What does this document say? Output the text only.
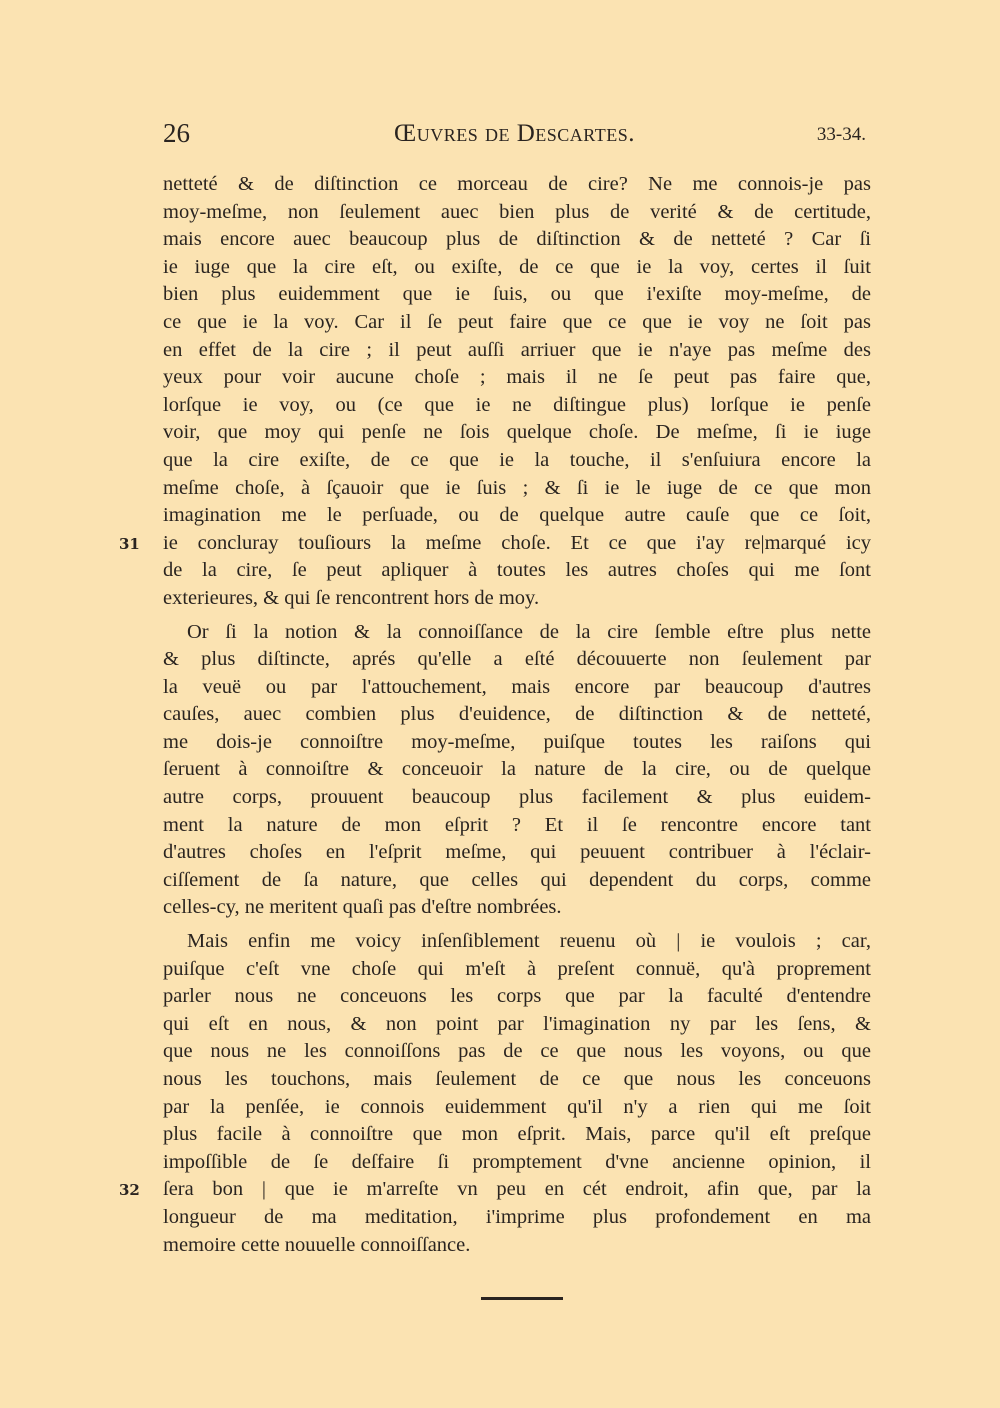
26	Œuvres de Descartes.	33-34.
netteté & de diſtinction ce morceau de cire? Ne me connois-je pas
moy-meſme, non ſeulement auec bien plus de verité & de certitude,
mais encore auec beaucoup plus de diſtinction & de netteté ? Car ſi
ie iuge que la cire eſt, ou exiſte, de ce que ie la voy, certes il ſuit
bien plus euidemment que ie ſuis, ou que i'exiſte moy-meſme, de
ce que ie la voy. Car il ſe peut faire que ce que ie voy ne ſoit pas
en effet de la cire ; il peut auſſi arriuer que ie n'aye pas meſme des
yeux pour voir aucune choſe ; mais il ne ſe peut pas faire que,
lorſque ie voy, ou (ce que ie ne diſtingue plus) lorſque ie penſe
voir, que moy qui penſe ne ſois quelque choſe. De meſme, ſi ie iuge
que la cire exiſte, de ce que ie la touche, il s'enſuiura encore la
meſme choſe, à ſçauoir que ie ſuis ; & ſi ie le iuge de ce que mon
imagination me le perſuade, ou de quelque autre cauſe que ce ſoit,
31 ie concluray touſiours la meſme choſe. Et ce que i'ay re|marqué icy
de la cire, ſe peut apliquer à toutes les autres choſes qui me ſont
exterieures, & qui ſe rencontrent hors de moy.
Or ſi la notion & la connoiſſance de la cire ſemble eſtre plus nette
& plus diſtincte, aprés qu'elle a eſté découuerte non ſeulement par
la veuë ou par l'attouchement, mais encore par beaucoup d'autres
cauſes, auec combien plus d'euidence, de diſtinction & de netteté,
me dois-je connoiſtre moy-meſme, puiſque toutes les raiſons qui
ſeruent à connoiſtre & conceuoir la nature de la cire, ou de quelque
autre corps, prouuent beaucoup plus facilement & plus euidem-
ment la nature de mon eſprit ? Et il ſe rencontre encore tant
d'autres choſes en l'eſprit meſme, qui peuuent contribuer à l'éclair-
ciſſement de ſa nature, que celles qui dependent du corps, comme
celles-cy, ne meritent quaſi pas d'eſtre nombrées.
Mais enfin me voicy inſenſiblement reuenu où | ie voulois ; car,
puiſque c'eſt vne choſe qui m'eſt à preſent connuë, qu'à proprement
parler nous ne conceuons les corps que par la faculté d'entendre
qui eſt en nous, & non point par l'imagination ny par les ſens, &
que nous ne les connoiſſons pas de ce que nous les voyons, ou que
nous les touchons, mais ſeulement de ce que nous les conceuons
par la penſée, ie connois euidemment qu'il n'y a rien qui me ſoit
plus facile à connoiſtre que mon eſprit. Mais, parce qu'il eſt preſque
impoſſible de ſe deſfaire ſi promptement d'vne ancienne opinion, il
32 ſera bon | que ie m'arreſte vn peu en cét endroit, afin que, par la
longueur de ma meditation, i'imprime plus profondement en ma
memoire cette nouuelle connoiſſance.
